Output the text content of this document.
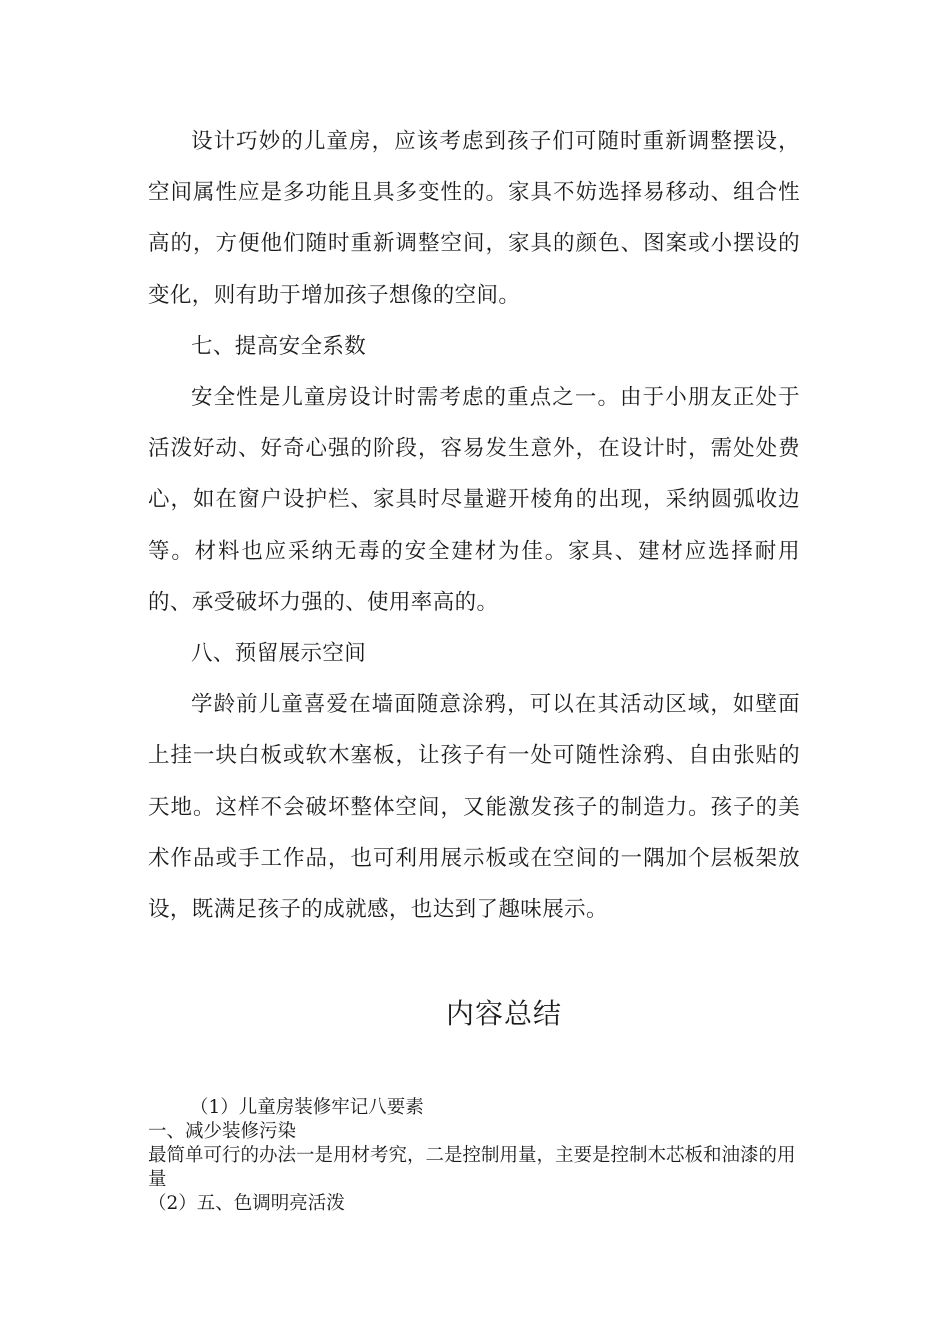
设计巧妙的儿童房，应该考虑到孩子们可随时重新调整摆设，空间属性应是多功能且具多变性的。家具不妨选择易移动、组合性高的，方便他们随时重新调整空间，家具的颜色、图案或小摆设的变化，则有助于增加孩子想像的空间。

七、提高安全系数

安全性是儿童房设计时需考虑的重点之一。由于小朋友正处于活泼好动、好奇心强的阶段，容易发生意外，在设计时，需处处费心，如在窗户设护栏、家具时尽量避开棱角的出现，采纳圆弧收边等。材料也应采纳无毒的安全建材为佳。家具、建材应选择耐用的、承受破坏力强的、使用率高的。

八、预留展示空间

学龄前儿童喜爱在墙面随意涂鸦，可以在其活动区域，如壁面上挂一块白板或软木塞板，让孩子有一处可随性涂鸦、自由张贴的天地。这样不会破坏整体空间，又能激发孩子的制造力。孩子的美术作品或手工作品，也可利用展示板或在空间的一隅加个层板架放设，既满足孩子的成就感，也达到了趣味展示。

内容总结

（1）儿童房装修牢记八要素

一、减少装修污染

最简单可行的办法一是用材考究，二是控制用量，主要是控制木芯板和油漆的用量

（2）五、色调明亮活泼
